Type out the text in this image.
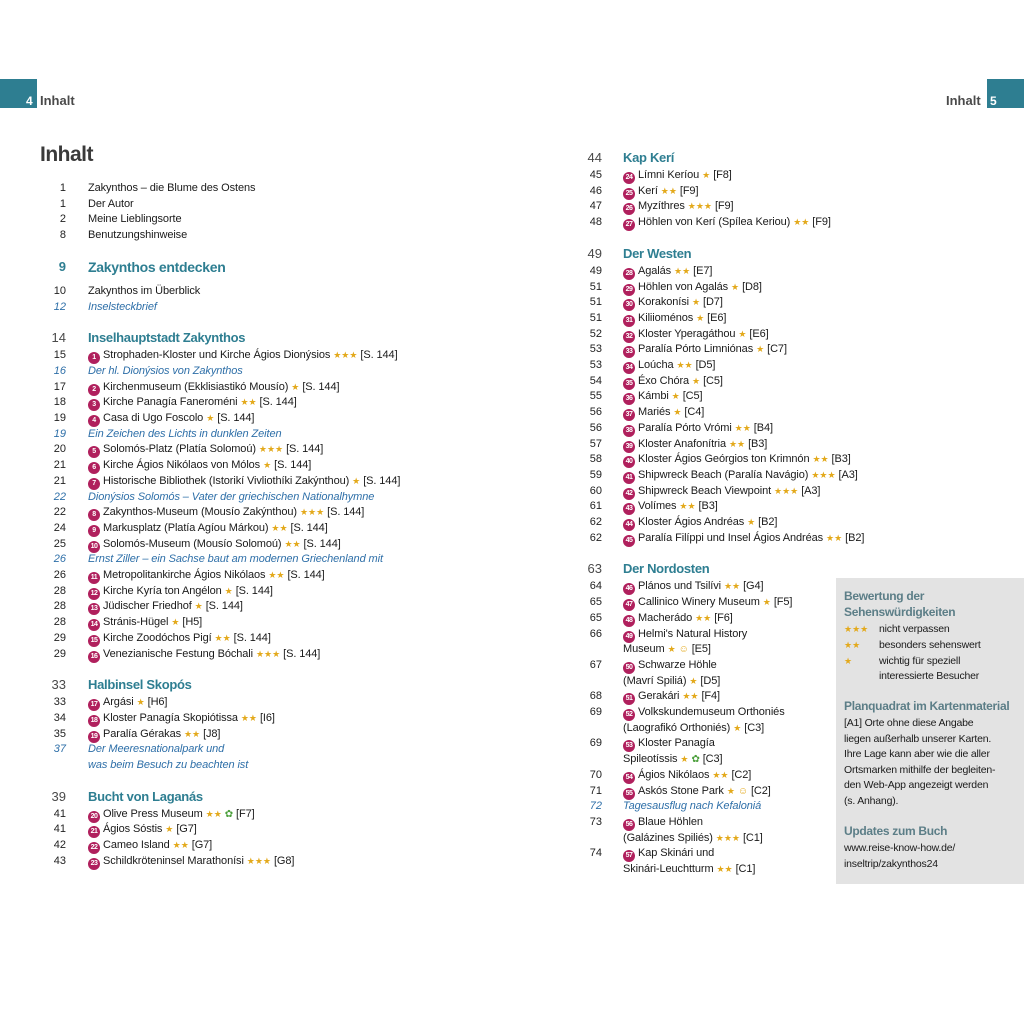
4 Inhalt	Inhalt 5
Inhalt
1 Zakynthos – die Blume des Ostens
1 Der Autor
2 Meine Lieblingsorte
8 Benutzungshinweise
9 Zakynthos entdecken
10 Zakynthos im Überblick
12 Inselsteckbrief
14 Inselhauptstadt Zakynthos
15	1 Strophaden-Kloster und Kirche Ágios Dionýsios ★★★ [S. 144]
16 Der hl. Dionýsios von Zakynthos
17	2 Kirchenmuseum (Ekklisiastikó Mousío) ★ [S. 144]
18	3 Kirche Panagía Faneroméni ★★ [S. 144]
19	4 Casa di Ugo Foscolo ★ [S. 144]
19 Ein Zeichen des Lichts in dunklen Zeiten
20	5 Solomós-Platz (Platía Solomoú) ★★★ [S. 144]
21	6 Kirche Ágios Nikólaos von Mólos ★ [S. 144]
21	7 Historische Bibliothek (Istorikí Vivliothíki Zakýnthou) ★ [S. 144]
22 Dionýsios Solomós – Vater der griechischen Nationalhymne
22	8 Zakynthos-Museum (Mousío Zakýnthou) ★★★ [S. 144]
24	9 Markusplatz (Platía Agíou Márkou) ★★ [S. 144]
25	10 Solomós-Museum (Mousío Solomoú) ★★ [S. 144]
26 Ernst Ziller – ein Sachse baut am modernen Griechenland mit
26	11 Metropolitankirche Ágios Nikólaos ★★ [S. 144]
28	12 Kirche Kyría ton Angélon ★ [S. 144]
28	13 Jüdischer Friedhof ★ [S. 144]
28	14 Stránis-Hügel ★ [H5]
29	15 Kirche Zoodóchos Pigí ★★ [S. 144]
29	16 Venezianische Festung Bóchali ★★★ [S. 144]
33 Halbinsel Skopós
33	17 Argási ★ [H6]
34	18 Kloster Panagía Skopiótissa ★★ [I6]
35	19 Paralía Gérakas ★★ [J8]
37 Der Meeresnationalpark und
was beim Besuch zu beachten ist
39 Bucht von Laganás
41	20 Olive Press Museum ★★ ✿ [F7]
41	21 Ágios Sóstis ★ [G7]
42	22 Cameo Island ★★ [G7]
43	23 Schildkröteninsel Marathonísi ★★★ [G8]
44 Kap Kerí
45	24 Límni Keríou ★ [F8]
46	25 Kerí ★★ [F9]
47	26 Myzíthres ★★★ [F9]
48	27 Höhlen von Kerí (Spílea Keriou) ★★ [F9]
49 Der Westen
49	28 Agalás ★★ [E7]
51	29 Höhlen von Agalás ★ [D8]
51	30 Korakonísi ★ [D7]
51	31 Kiliioménos ★ [E6]
52	32 Kloster Yperagáthou ★ [E6]
53	33 Paralía Pórto Limniónas ★ [C7]
53	34 Loúcha ★★ [D5]
54	35 Éxo Chóra ★ [C5]
55	36 Kámbi ★ [C5]
56	37 Mariés ★ [C4]
56	38 Paralía Pórto Vrómi ★★ [B4]
57	39 Kloster Anafonítria ★★ [B3]
58	40 Kloster Ágios Geórgios ton Krimnón ★★ [B3]
59	41 Shipwreck Beach (Paralía Navágio) ★★★ [A3]
60	42 Shipwreck Beach Viewpoint ★★★ [A3]
61	43 Volímes ★★ [B3]
62	44 Kloster Ágios Andréas ★ [B2]
62	45 Paralía Filíppi und Insel Ágios Andréas ★★ [B2]
63 Der Nordosten
64	46 Plános und Tsilívi ★★ [G4]
65	47 Callinico Winery Museum ★ [F5]
65	48 Macherádo ★★ [F6]
66	49 Helmi's Natural History
Museum ★ ☺ [E5]
67	50 Schwarze Höhle
(Mavrí Spiliá) ★ [D5]
68	51 Gerakári ★★ [F4]
69	52 Volkskundemuseum Orthoniés
(Laografikó Orthoniés) ★ [C3]
69	53 Kloster Panagía
Spileotíssis ★ ✿ [C3]
70	54 Ágios Nikólaos ★★ [C2]
71	55 Askós Stone Park ★ ☺ [C2]
72 Tagesausflug nach Kefaloniá
73	56 Blaue Höhlen
(Galázines Spiliés) ★★★ [C1]
74	57 Kap Skinári und
Skinári-Leuchtturm ★★ [C1]
Bewertung der
Sehenswürdigkeiten
★★★ nicht verpassen
★★ besonders sehenswert
★	wichtig für speziell
interessierte Besucher
Planquadrat im Kartenmaterial
[A1] Orte ohne diese Angabe
liegen außerhalb unserer Karten.
Ihre Lage kann aber wie die aller
Ortsmarken mithilfe der begleiten-
den Web-App angezeigt werden
(s. Anhang).
Updates zum Buch
www.reise-know-how.de/
inseltrip/zakynthos24
